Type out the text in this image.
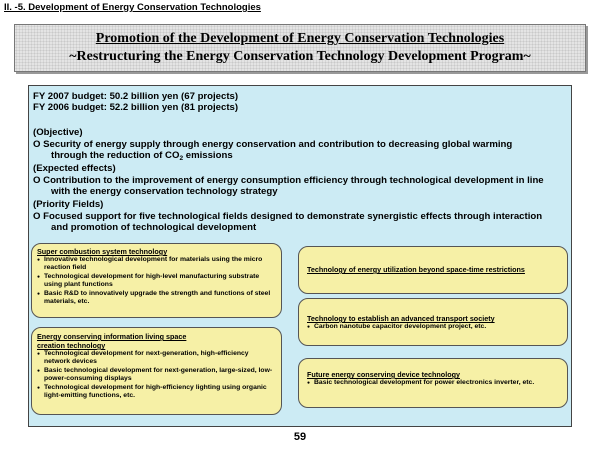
II. -5. Development of Energy Conservation Technologies
Promotion of the Development of Energy Conservation Technologies
~Restructuring the Energy Conservation Technology Development Program~
FY 2007 budget: 50.2 billion yen (67 projects)
FY 2006 budget: 52.2 billion yen (81 projects)
(Objective)
O Security of energy supply through energy conservation and contribution to decreasing global warming
through the reduction of $CO_2$ emissions
(Expected effects)
O Contribution to the improvement of energy consumption efficiency through technological development in line
with the energy conservation technology strategy
(Priority Fields)
O Focused support for five technological fields designed to demonstrate synergistic effects through interaction
and promotion of technological development
Super combustion system technology
● Innovative technological development for materials using the micro reaction field
● Technological development for high-level manufacturing substrate using plant functions
● Basic R&D to innovatively upgrade the strength and functions of steel materials, etc.
Energy conserving information living space creation technology
● Technological development for next-generation, high-efficiency network devices
● Basic technological development for next-generation, large-sized, low-power-consuming displays
● Technological development for high-efficiency lighting using organic light-emitting functions, etc.
Technology of energy utilization beyond space-time restrictions
Technology to establish an advanced transport society
● Carbon nanotube capacitor development project, etc.
Future energy conserving device technology
● Basic technological development for power electronics inverter, etc.
59
